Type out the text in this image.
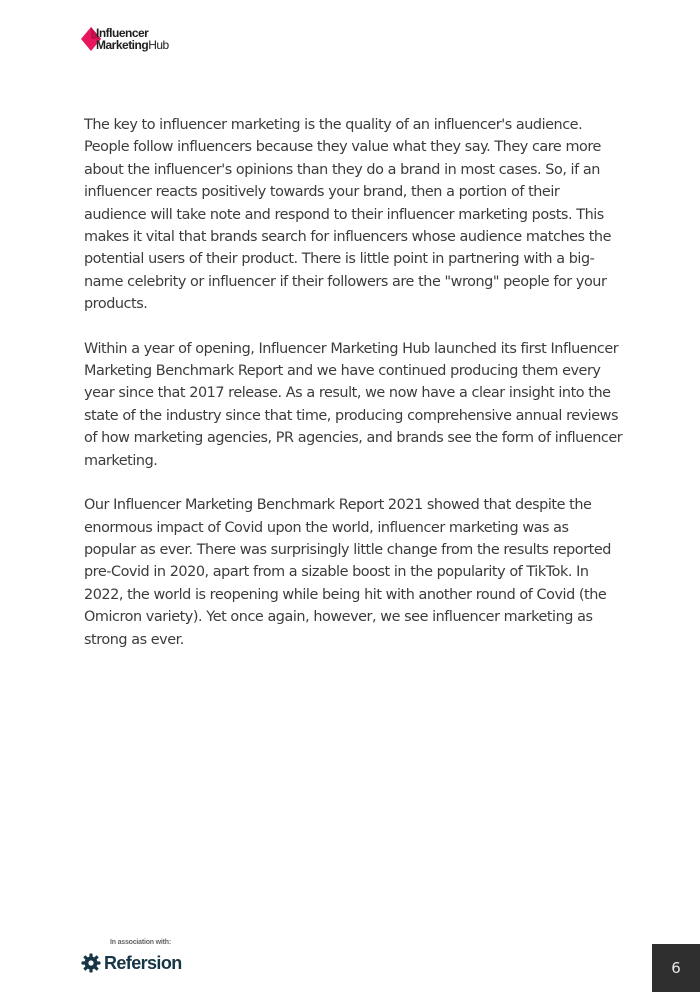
Influencer
MarketingHub

The key to influencer marketing is the quality of an influencer's audience. People follow influencers because they value what they say. They care more about the influencer's opinions than they do a brand in most cases. So, if an influencer reacts positively towards your brand, then a portion of their audience will take note and respond to their influencer marketing posts. This makes it vital that brands search for influencers whose audience matches the potential users of their product. There is little point in partnering with a big-name celebrity or influencer if their followers are the "wrong" people for your products.

Within a year of opening, Influencer Marketing Hub launched its first Influencer Marketing Benchmark Report and we have continued producing them every year since that 2017 release. As a result, we now have a clear insight into the state of the industry since that time, producing comprehensive annual reviews of how marketing agencies, PR agencies, and brands see the form of influencer marketing.

Our Influencer Marketing Benchmark Report 2021 showed that despite the enormous impact of Covid upon the world, influencer marketing was as popular as ever. There was surprisingly little change from the results reported pre-Covid in 2020, apart from a sizable boost in the popularity of TikTok. In 2022, the world is reopening while being hit with another round of Covid (the Omicron variety). Yet once again, however, we see influencer marketing as strong as ever.

In association with:
Refersion	6
